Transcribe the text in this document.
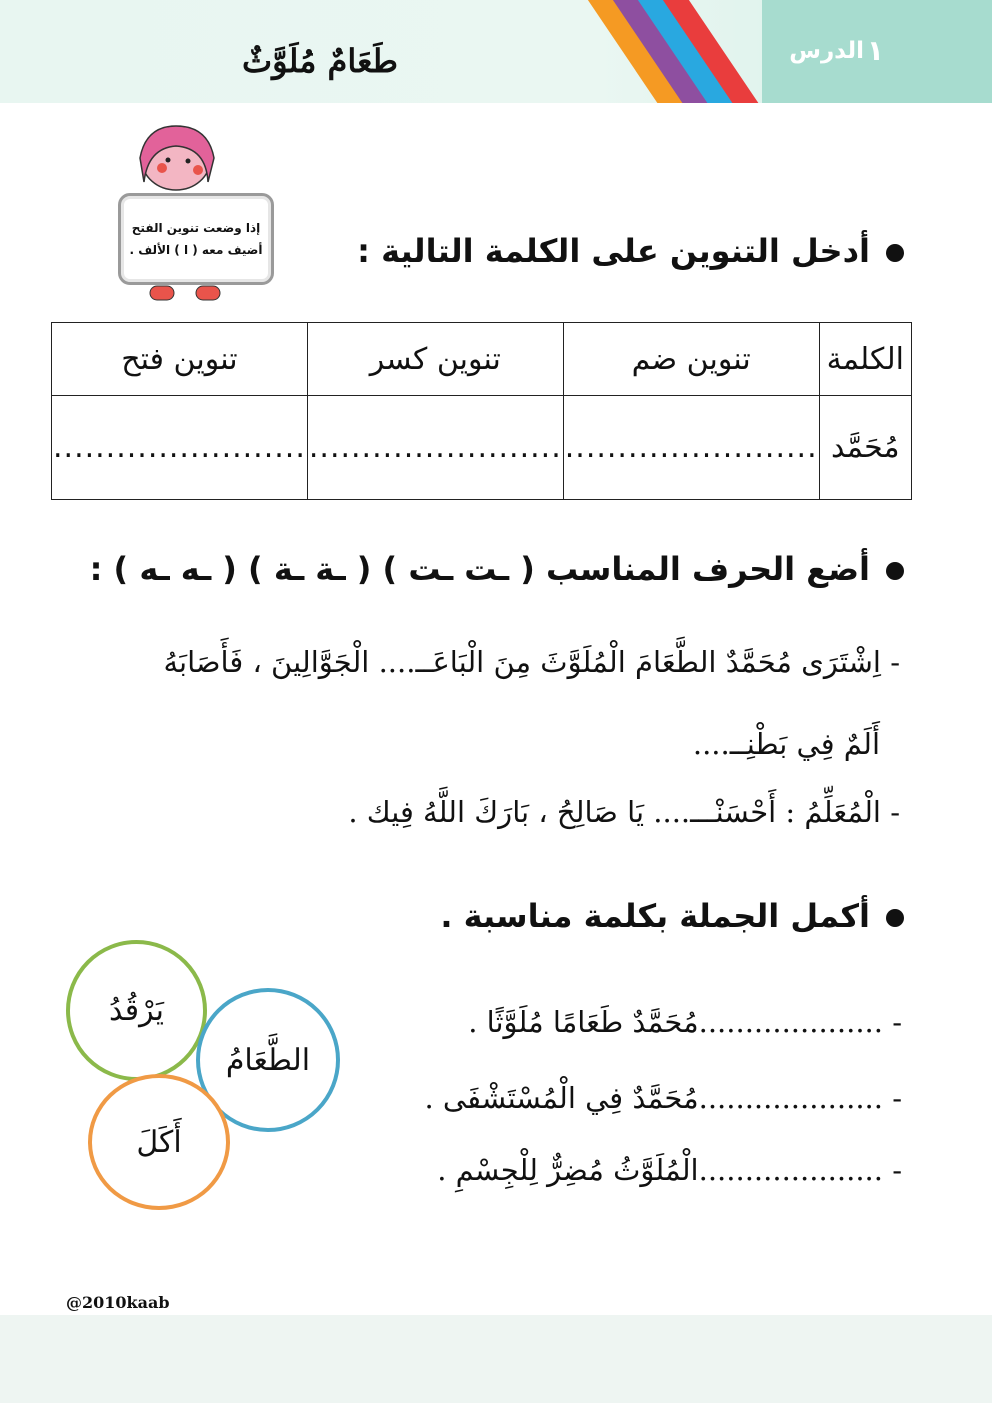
الدرس ١
طَعَامٌ مُلَوَّثٌ
إذا وضعت تنوين الفتح
أضيف معه ( ا ) الألف .	أدخل التنوين على الكلمة التالية :
الكلمة	تنوين ضم	تنوين كسر	تنوين فتح
مُحَمَّد	........................	........................	........................
أضع الحرف المناسب ( ـت ـت ) ( ـة ـة ) ( ـه ـه ) :
- اِشْتَرَى مُحَمَّدٌ الطَّعَامَ الْمُلَوَّثَ مِنَ الْبَاعَــ.... الْجَوَّالِينَ ، فَأَصَابَهُ
أَلَمٌ فِي بَطْنِــ....
- الْمُعَلِّمُ : أَحْسَنْـــ.... يَا صَالِحُ ، بَارَكَ اللَّهُ فِيك .
أكمل الجملة بكلمة مناسبة .
- ....................مُحَمَّدٌ طَعَامًا مُلَوَّثًا .
- ....................مُحَمَّدٌ فِي الْمُسْتَشْفَى .
- ....................الْمُلَوَّثُ مُضِرٌّ لِلْجِسْمِ .
يَرْقُدُ
الطَّعَامُ
أَكَلَ
@2010kaab
